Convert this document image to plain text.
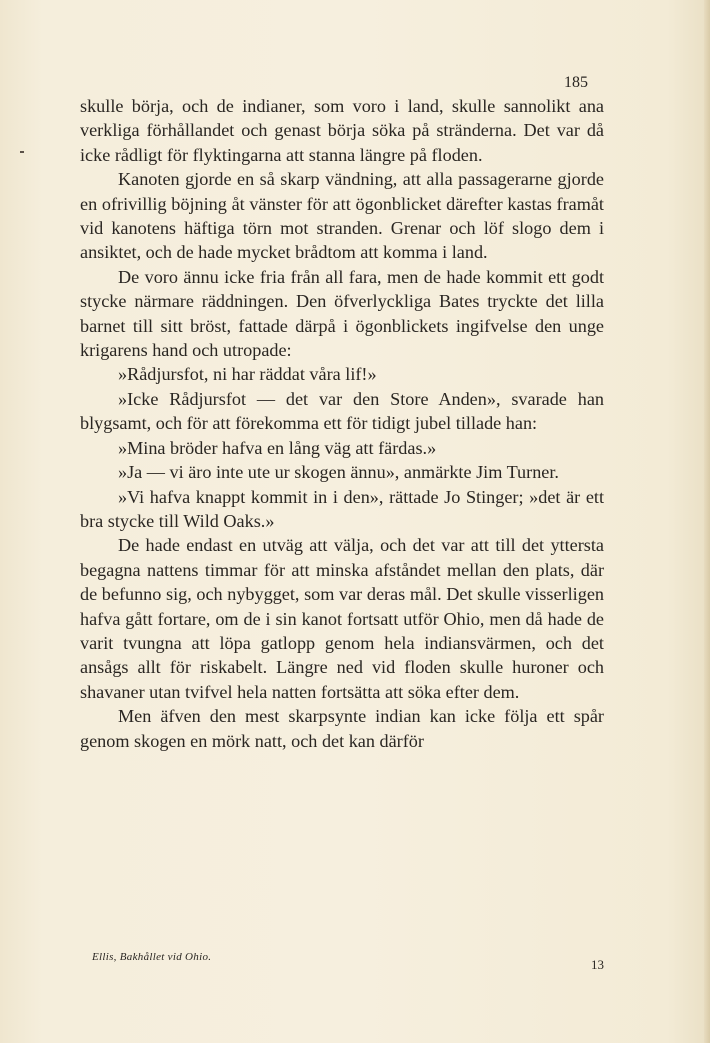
185

skulle börja, och de indianer, som voro i land, skulle sannolikt ana verkliga förhållandet och genast börja söka på stränderna. Det var då icke rådligt för flyktingarna att stanna längre på floden.

Kanoten gjorde en så skarp vändning, att alla passagerarne gjorde en ofrivillig böjning åt vänster för att ögonblicket därefter kastas framåt vid kanotens häftiga törn mot stranden. Grenar och löf slogo dem i ansiktet, och de hade mycket brådtom att komma i land.

De voro ännu icke fria från all fara, men de hade kommit ett godt stycke närmare räddningen. Den öfverlyckliga Bates tryckte det lilla barnet till sitt bröst, fattade därpå i ögonblickets ingifvelse den unge krigarens hand och utropade:

»Rådjursfot, ni har räddat våra lif!»

»Icke Rådjursfot — det var den Store Anden», svarade han blygsamt, och för att förekomma ett för tidigt jubel tillade han:

»Mina bröder hafva en lång väg att färdas.»

»Ja — vi äro inte ute ur skogen ännu», anmärkte Jim Turner.

»Vi hafva knappt kommit in i den», rättade Jo Stinger; »det är ett bra stycke till Wild Oaks.»

De hade endast en utväg att välja, och det var att till det yttersta begagna nattens timmar för att minska afståndet mellan den plats, där de befunno sig, och nybygget, som var deras mål. Det skulle visserligen hafva gått fortare, om de i sin kanot fortsatt utför Ohio, men då hade de varit tvungna att löpa gatlopp genom hela indiansvärmen, och det ansågs allt för riskabelt. Längre ned vid floden skulle huroner och shavaner utan tvifvel hela natten fortsätta att söka efter dem.

Men äfven den mest skarpsynte indian kan icke följa ett spår genom skogen en mörk natt, och det kan därför

Ellis, Bakhållet vid Ohio.	13
